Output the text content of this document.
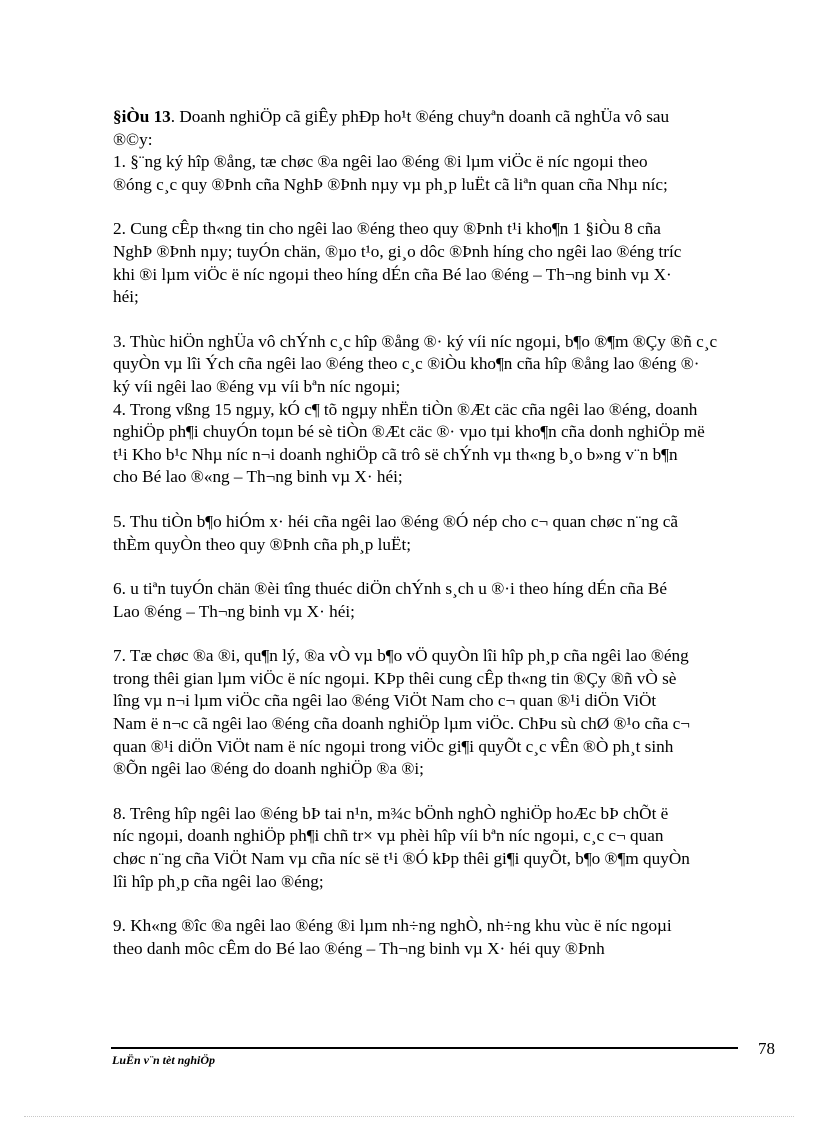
§iÒu 13. Doanh nghiÖp cã giÊy phÐp ho¹t ®éng chuyªn doanh cã nghÜa vô sau

®©y:

1. §¨ng ký hîp ®ång, tæ chøc ®a ngêi lao ®éng ®i lµm viÖc ë níc ngoµi theo

®óng c¸c quy ®Þnh cña NghÞ ®Þnh nµy vµ ph¸p luËt cã liªn quan cña Nhµ níc;

2. Cung cÊp th«ng tin cho ngêi lao ®éng theo quy ®Þnh t¹i kho¶n 1 §iÒu 8 cña

NghÞ ®Þnh nµy; tuyÓn chän, ®µo t¹o, gi¸o dôc ®Þnh híng cho ngêi lao ®éng tríc

khi ®i lµm viÖc ë níc ngoµi theo híng dÉn cña Bé lao ®éng – Th¬ng binh vµ X·

héi;

3. Thùc hiÖn nghÜa vô chÝnh c¸c hîp ®ång ®· ký víi níc ngoµi, b¶o ®¶m ®Çy ®ñ c¸c

quyÒn vµ lîi Ých cña ngêi lao ®éng theo c¸c ®iÒu kho¶n cña hîp ®ång lao ®éng ®·

ký víi ngêi lao ®éng vµ víi bªn níc ngoµi;

4. Trong vßng 15 ngµy, kÓ c¶ tõ ngµy nhËn tiÒn ®Æt cäc cña ngêi lao ®éng, doanh

nghiÖp ph¶i chuyÓn toµn bé sè tiÒn ®Æt cäc ®· vµo tµi kho¶n cña donh nghiÖp më

t¹i Kho b¹c Nhµ níc n¬i doanh nghiÖp cã trô së chÝnh vµ th«ng b¸o b»ng v¨n b¶n

cho Bé lao ®«ng – Th¬ng binh vµ X· héi;

5. Thu tiÒn b¶o hiÓm x· héi cña ngêi lao ®éng ®Ó nép cho c¬ quan chøc n¨ng cã

thÈm quyÒn theo quy ®Þnh cña ph¸p luËt;

6. u tiªn tuyÓn chän ®èi tîng thuéc diÖn chÝnh s¸ch u ®·i theo híng dÉn cña Bé

Lao ®éng – Th¬ng binh vµ X· héi;

7. Tæ chøc ®a ®i, qu¶n lý, ®a vÒ vµ b¶o vÖ quyÒn lîi hîp ph¸p cña ngêi lao ®éng

trong thêi gian lµm viÖc ë níc ngoµi. KÞp thêi cung cÊp th«ng tin ®Çy ®ñ vÒ sè

lîng vµ n¬i lµm viÖc cña ngêi lao ®éng ViÖt Nam cho c¬ quan ®¹i diÖn ViÖt

Nam ë n¬c cã ngêi lao ®éng cña doanh nghiÖp lµm viÖc. ChÞu sù chØ ®¹o cña c¬

quan ®¹i diÖn ViÖt nam ë níc ngoµi trong viÖc gi¶i quyÕt c¸c vÊn ®Ò ph¸t sinh

®Õn ngêi lao ®éng do doanh nghiÖp ®a ®i;

8. Trêng hîp ngêi lao ®éng bÞ tai n¹n, m¾c bÖnh nghÒ nghiÖp hoÆc bÞ chÕt ë

níc ngoµi, doanh nghiÖp ph¶i chñ tr× vµ phèi hîp víi bªn níc ngoµi, c¸c c¬ quan

chøc n¨ng cña ViÖt Nam vµ cña níc së t¹i ®Ó kÞp thêi gi¶i quyÕt, b¶o ®¶m quyÒn

lîi hîp ph¸p cña ngêi lao ®éng;

9. Kh«ng ®îc ®a ngêi lao ®éng ®i lµm nh÷ng nghÒ, nh÷ng khu vùc ë níc ngoµi

theo danh môc cÊm do Bé lao ®éng – Th¬ng binh vµ X· héi quy ®Þnh

LuËn v¨n tèt nghiÖp
78
